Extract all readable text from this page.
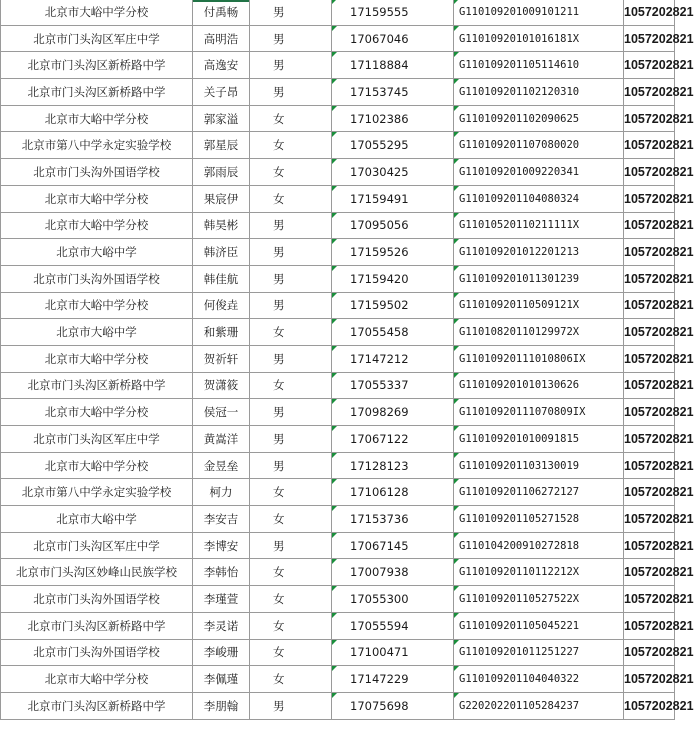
北京市大峪中学分校	付禹畅	男	17159555	G110109201009101211	1057202821
北京市门头沟区军庄中学	高明浩	男	17067046	G11010920101016181X	1057202821
北京市门头沟区新桥路中学	高逸安	男	17118884	G110109201105114610	1057202821
北京市门头沟区新桥路中学	关子昂	男	17153745	G110109201102120310	1057202821
北京市大峪中学分校	郭家溢	女	17102386	G110109201102090625	1057202821
北京市第八中学永定实验学校	郭星辰	女	17055295	G110109201107080020	1057202821
北京市门头沟外国语学校	郭雨辰	女	17030425	G110109201009220341	1057202821
北京市大峪中学分校	果宸伊	女	17159491	G110109201104080324	1057202821
北京市大峪中学分校	韩昊彬	男	17095056	G11010520110211111X	1057202821
北京市大峪中学	韩济臣	男	17159526	G110109201012201213	1057202821
北京市门头沟外国语学校	韩佳航	男	17159420	G110109201011301239	1057202821
北京市大峪中学分校	何俊垚	男	17159502	G11010920110509121X	1057202821
北京市大峪中学	和紫珊	女	17055458	G11010820110129972X	1057202821
北京市大峪中学分校	贺祈轩	男	17147212	G11010920111010806IX	1057202821
北京市门头沟区新桥路中学	贺潇筱	女	17055337	G110109201010130626	1057202821
北京市大峪中学分校	侯冠一	男	17098269	G11010920111070809IX	1057202821
北京市门头沟区军庄中学	黄嵩洋	男	17067122	G110109201010091815	1057202821
北京市大峪中学分校	金昱垒	男	17128123	G110109201103130019	1057202821
北京市第八中学永定实验学校	柯力	女	17106128	G110109201106272127	1057202821
北京市大峪中学	李安吉	女	17153736	G110109201105271528	1057202821
北京市门头沟区军庄中学	李博安	男	17067145	G110104200910272818	1057202821
北京市门头沟区妙峰山民族学校	李韩怡	女	17007938	G11010920110112212X	1057202821
北京市门头沟外国语学校	李瑾萱	女	17055300	G11010920110527522X	1057202821
北京市门头沟区新桥路中学	李灵诺	女	17055594	G110109201105045221	1057202821
北京市门头沟外国语学校	李峻珊	女	17100471	G110109201011251227	1057202821
北京市大峪中学分校	李佩瑾	女	17147229	G110109201104040322	1057202821
北京市门头沟区新桥路中学	李朋翰	男	17075698	G220202201105284237	1057202821
